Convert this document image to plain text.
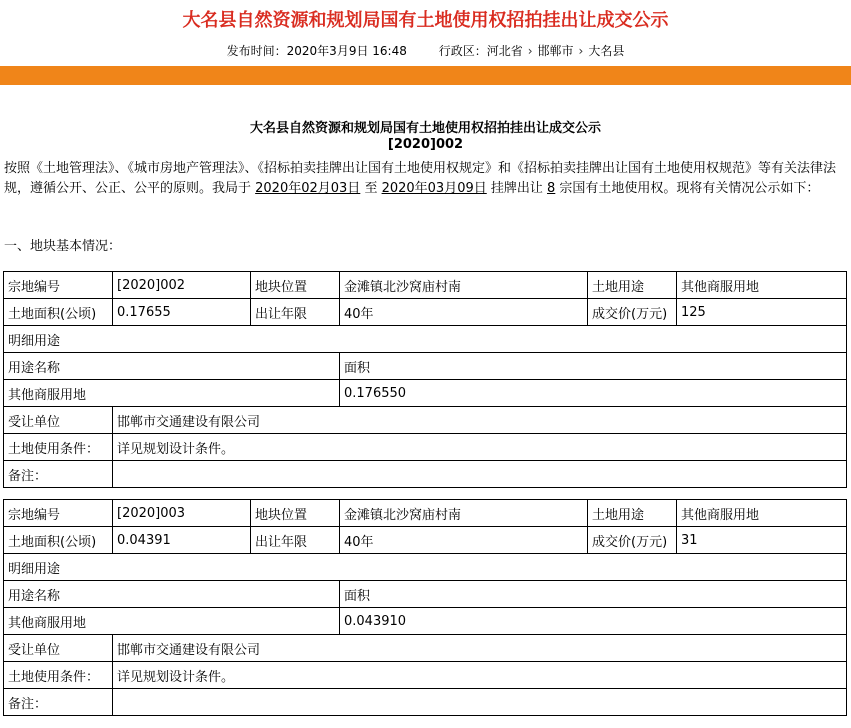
大名县自然资源和规划局国有土地使用权招拍挂出让成交公示
发布时间：2020年3月9日 16:48	行政区：河北省 › 邯郸市 › 大名县
大名县自然资源和规划局国有土地使用权招拍挂出让成交公示
[2020]002
按照《土地管理法》、《城市房地产管理法》、《招标拍卖挂牌出让国有土地使用权规定》和《招标拍卖挂牌出让国有土地使用权规范》等有关法律法规，遵循公开、公正、公平的原则。我局于 2020年02月03日 至 2020年03月09日 挂牌出让 8 宗国有土地使用权。现将有关情况公示如下：
一、地块基本情况：
宗地编号	[2020]002	地块位置	金滩镇北沙窝庙村南	土地用途	其他商服用地
土地面积(公顷)	0.17655	出让年限	40年	成交价(万元)	125
明细用途					
用途名称			面积		
其他商服用地			0.176550		
受让单位	邯郸市交通建设有限公司				
土地使用条件：	详见规划设计条件。				
备注：					
宗地编号	[2020]003	地块位置	金滩镇北沙窝庙村南	土地用途	其他商服用地
土地面积(公顷)	0.04391	出让年限	40年	成交价(万元)	31
明细用途					
用途名称			面积		
其他商服用地			0.043910		
受让单位	邯郸市交通建设有限公司				
土地使用条件：	详见规划设计条件。				
备注：					
